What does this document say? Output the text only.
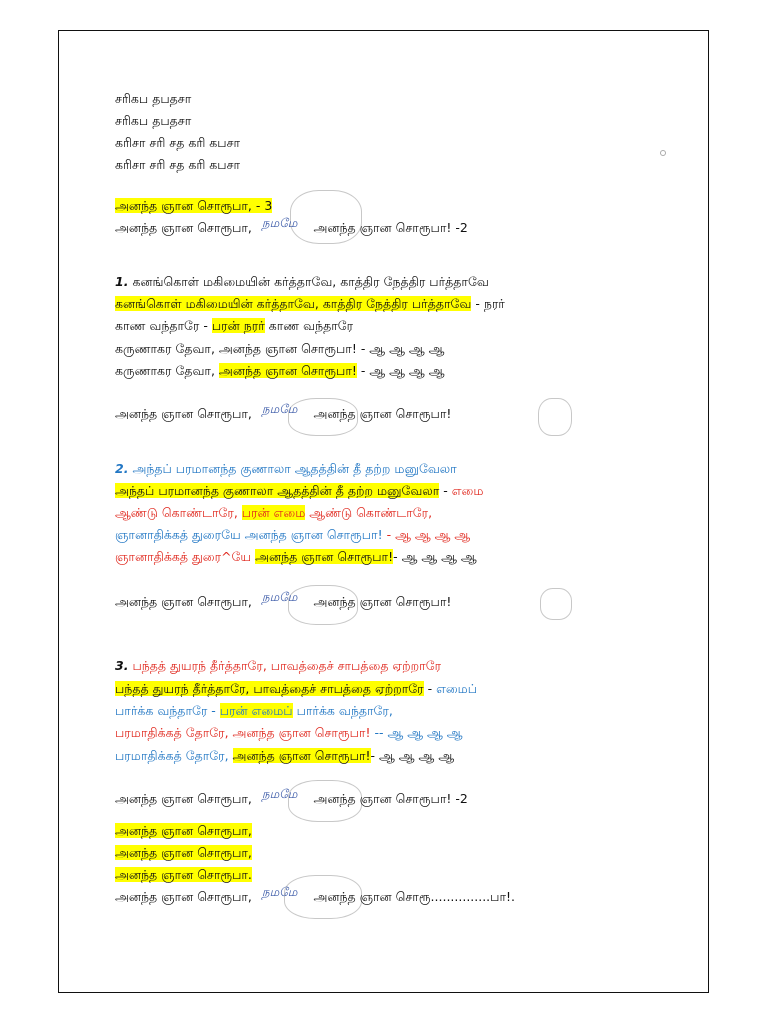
சரிகப தபதசா
சரிகப தபதசா
கரிசா சரி சத கரி கபசா
கரிசா சரி சத கரி கபசா
அனந்த ஞான சொரூபா, - 3
அனந்த ஞான சொரூபா, நமமே அனந்த ஞான சொரூபா! -2
1. கனங்கொள் மகிமையின் கர்த்தாவே, காத்திர நேத்திர பர்த்தாவே
கனங்கொள் மகிமையின் கர்த்தாவே, காத்திர நேத்திர பர்த்தாவே - நரர்
காண வந்தாரே - பரன் நரர் காண வந்தாரே
கருணாகர தேவா, அனந்த ஞான சொரூபா! - ஆ ஆ ஆ ஆ
கருணாகர தேவா, அனந்த ஞான சொரூபா! - ஆ ஆ ஆ ஆ
அனந்த ஞான சொரூபா, நமமே அனந்த ஞான சொரூபா!
2. அந்தப் பரமானந்த குணாலா ஆதத்தின் தீ தற்ற மனுவேலா
அந்தப் பரமானந்த குணாலா ஆதத்தின் தீ தற்ற மனுவேலா - எமை
ஆண்டு கொண்டாரே, பரன் எமை ஆண்டு கொண்டாரே,
ஞானாதிக்கத் துரையே அனந்த ஞான சொரூபா! - ஆ ஆ ஆ ஆ
ஞானாதிக்கத் துரை^யே அனந்த ஞான சொரூபா!- ஆ ஆ ஆ ஆ
அனந்த ஞான சொரூபா, நமமே அனந்த ஞான சொரூபா!
3. பந்தத் துயரந் தீர்த்தாரே, பாவத்தைச் சாபத்தை ஏற்றாரே
பந்தத் துயரந் தீர்த்தாரே, பாவத்தைச் சாபத்தை ஏற்றாரே - எமைப்
பார்க்க வந்தாரே - பரன் எமைப் பார்க்க வந்தாரே,
பரமாதிக்கத் தோரே, அனந்த ஞான சொரூபா! -- ஆ ஆ ஆ ஆ
பரமாதிக்கத் தோரே, அனந்த ஞான சொரூபா!- ஆ ஆ ஆ ஆ
அனந்த ஞான சொரூபா, நமமே அனந்த ஞான சொரூபா! -2
அனந்த ஞான சொரூபா,
அனந்த ஞான சொரூபா,
அனந்த ஞான சொரூபா.
அனந்த ஞான சொரூபா, நமமே அனந்த ஞான சொரூ...............பா!.
